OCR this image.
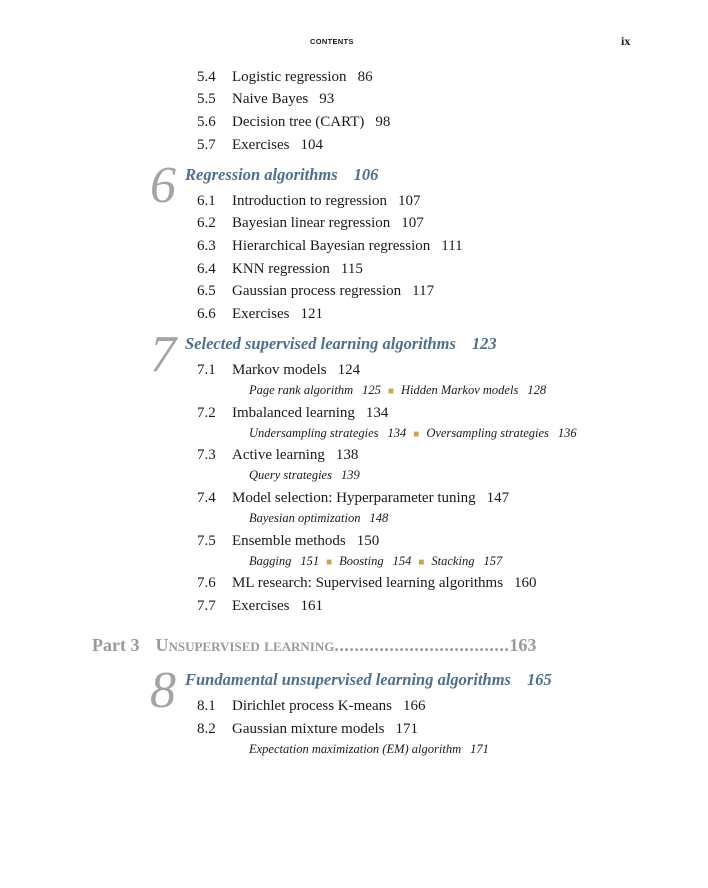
CONTENTS	ix
5.4 Logistic regression 86
5.5 Naive Bayes 93
5.6 Decision tree (CART) 98
5.7 Exercises 104
6 Regression algorithms 106
6.1 Introduction to regression 107
6.2 Bayesian linear regression 107
6.3 Hierarchical Bayesian regression 111
6.4 KNN regression 115
6.5 Gaussian process regression 117
6.6 Exercises 121
7 Selected supervised learning algorithms 123
7.1 Markov models 124
Page rank algorithm 125 ■ Hidden Markov models 128
7.2 Imbalanced learning 134
Undersampling strategies 134 ■ Oversampling strategies 136
7.3 Active learning 138
Query strategies 139
7.4 Model selection: Hyperparameter tuning 147
Bayesian optimization 148
7.5 Ensemble methods 150
Bagging 151 ■ Boosting 154 ■ Stacking 157
7.6 ML research: Supervised learning algorithms 160
7.7 Exercises 161
Part 3 Unsupervised learning...................................163
8 Fundamental unsupervised learning algorithms 165
8.1 Dirichlet process K-means 166
8.2 Gaussian mixture models 171
Expectation maximization (EM) algorithm 171
